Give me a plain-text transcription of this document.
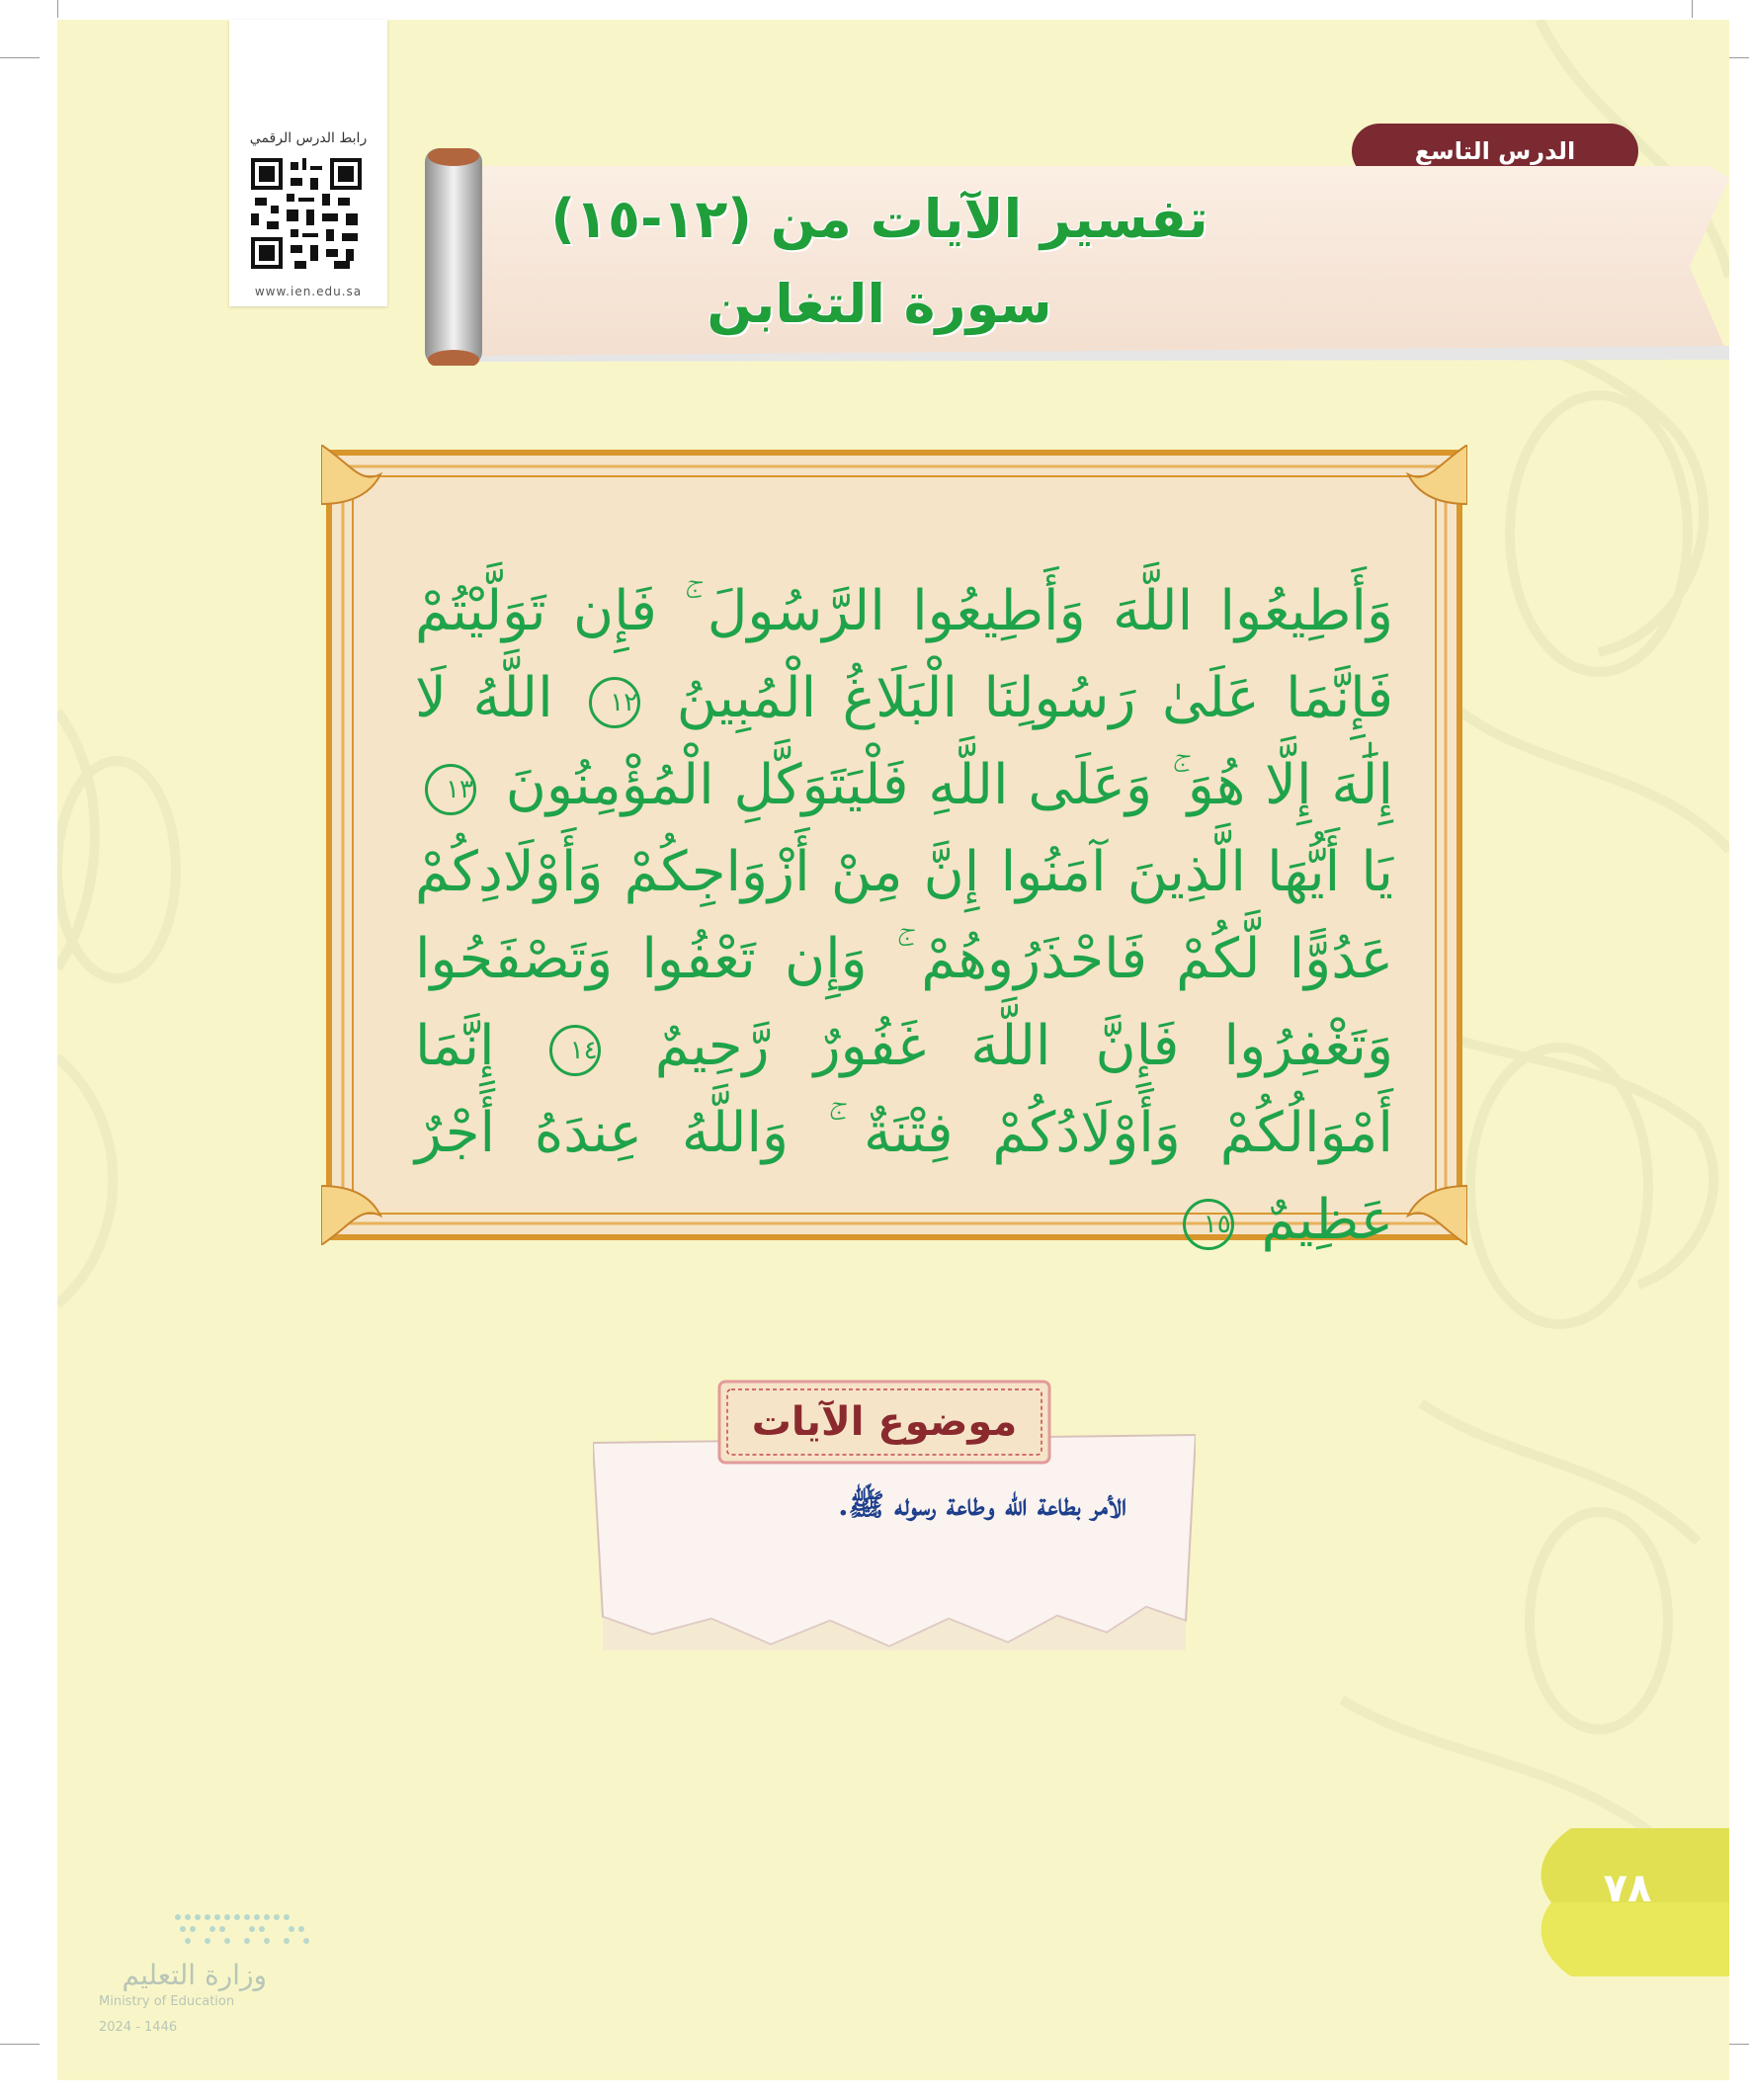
رابط الدرس الرقمي
www.ien.edu.sa
الدرس التاسع
تفسير الآيات من (١٢-١٥)
سورة التغابن
وَأَطِيعُوا اللَّهَ وَأَطِيعُوا الرَّسُولَ ۚ فَإِن تَوَلَّيْتُمْ فَإِنَّمَا عَلَىٰ رَسُولِنَا الْبَلَاغُ الْمُبِينُ ١٢ اللَّهُ لَا إِلَٰهَ إِلَّا هُوَ ۚ وَعَلَى اللَّهِ فَلْيَتَوَكَّلِ الْمُؤْمِنُونَ ١٣ يَا أَيُّهَا الَّذِينَ آمَنُوا إِنَّ مِنْ أَزْوَاجِكُمْ وَأَوْلَادِكُمْ عَدُوًّا لَّكُمْ فَاحْذَرُوهُمْ ۚ وَإِن تَعْفُوا وَتَصْفَحُوا وَتَغْفِرُوا فَإِنَّ اللَّهَ غَفُورٌ رَّحِيمٌ ١٤ إِنَّمَا أَمْوَالُكُمْ وَأَوْلَادُكُمْ فِتْنَةٌ ۚ وَاللَّهُ عِندَهُ أَجْرٌ عَظِيمٌ ١٥
موضوع الآيات
الأمر بطاعة الله وطاعة رسوله ﷺ.
٧٨
وزارة التعليم
Ministry of Education
2024 - 1446
